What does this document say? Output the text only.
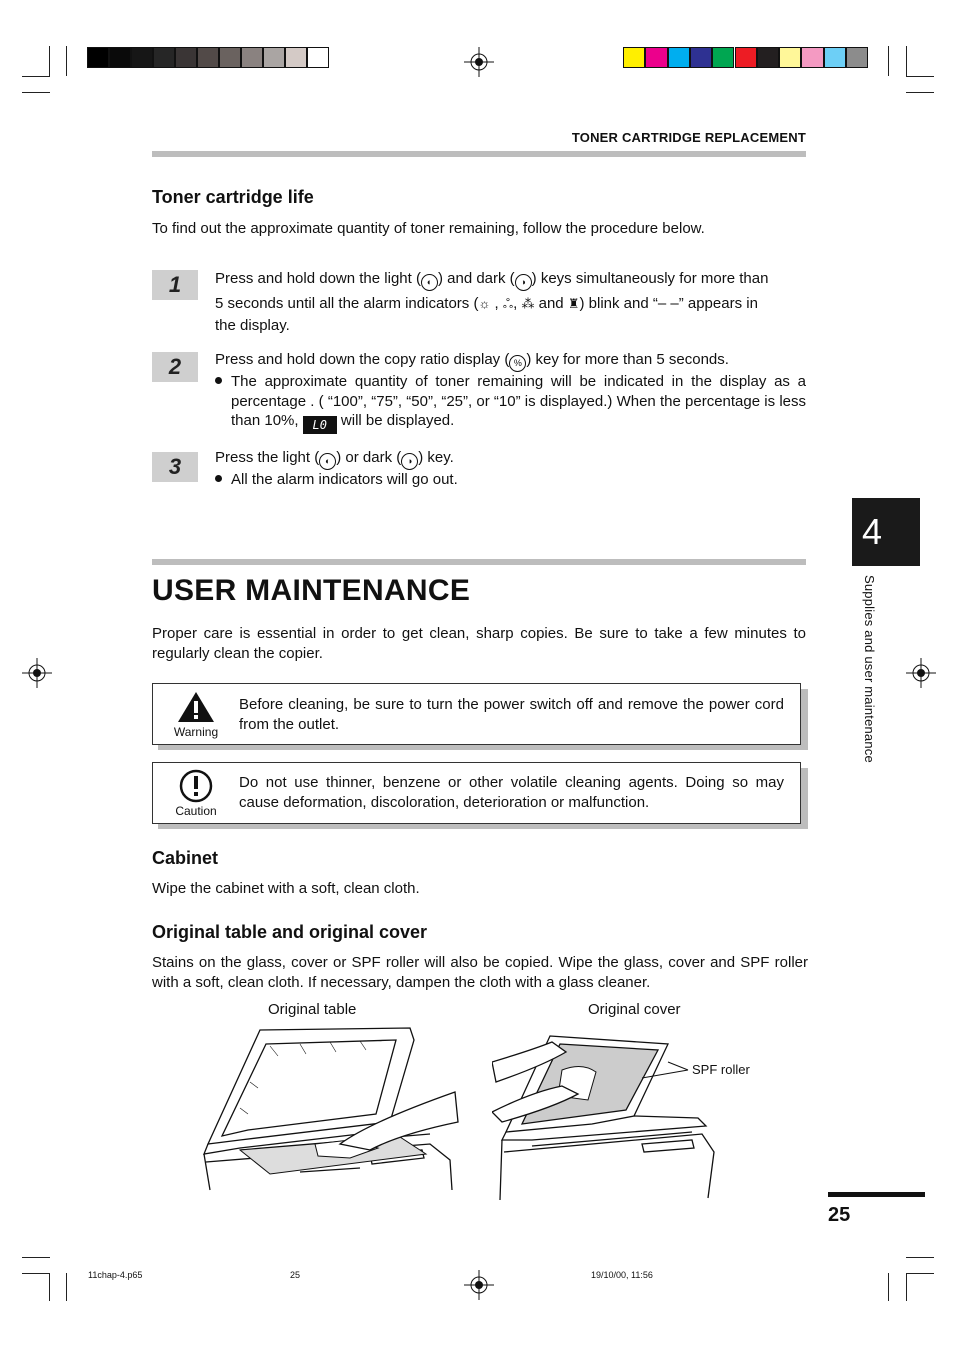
TONER CARTRIDGE REPLACEMENT
Toner cartridge life
To find out the approximate quantity of toner remaining, follow the procedure below.
1	Press and hold down the light ( ◐ ) and dark ( ◑ ) keys simultaneously for more than
5 seconds until all the alarm indicators (☼ , ஃ, ⁂ and ♜) blink and “– –” appears in
the display.
2	Press and hold down the copy ratio display ( % ) key for more than 5 seconds.
The approximate quantity of toner remaining will be indicated in the display as a percentage . ( “100”, “75”, “50”, “25”, or “10” is displayed.) When the percentage is less than 10%, L0 will be displayed.
3	Press the light ( ◐ ) or dark ( ◑ ) key.
All the alarm indicators will go out.
USER MAINTENANCE
Proper care is essential in order to get clean, sharp copies. Be sure to take a few minutes to regularly clean the copier.
Warning
Before cleaning, be sure to turn the power switch off and remove the power cord from the outlet.
Caution
Do not use thinner, benzene or other volatile cleaning agents. Doing so may cause deformation, discoloration, deterioration or malfunction.
Cabinet
Wipe the cabinet with a soft, clean cloth.
Original table and original cover
Stains on the glass, cover or SPF roller will also be copied. Wipe the glass, cover and SPF roller with a soft, clean cloth. If necessary, dampen the cloth with a glass cleaner.
Original table	Original cover
SPF roller
4
Supplies and user maintenance
25
11chap-4.p65	25	19/10/00, 11:56
